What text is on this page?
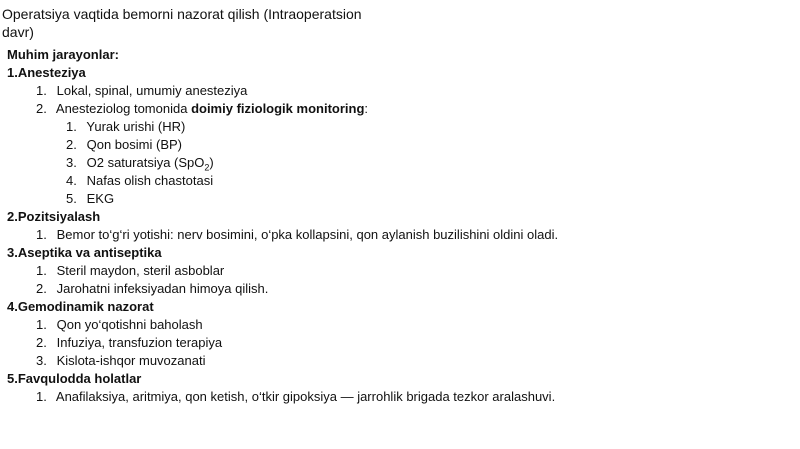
Operatsiya vaqtida bemorni nazorat qilish (Intraoperatsion davr)
Muhim jarayonlar:
1.Anesteziya
1. Lokal, spinal, umumiy anesteziya
2. Anesteziolog tomonida doimiy fiziologik monitoring:
1. Yurak urishi (HR)
2. Qon bosimi (BP)
3. O2 saturatsiya (SpO$_2$)
4. Nafas olish chastotasi
5. EKG
2.Pozitsiyalash
1. Bemor to‘g‘ri yotishi: nerv bosimini, o‘pka kollapsini, qon aylanish buzilishini oldini oladi.
3.Aseptika va antiseptika
1. Steril maydon, steril asboblar
2. Jarohatni infeksiyadan himoya qilish.
4.Gemodinamik nazorat
1. Qon yo‘qotishni baholash
2. Infuziya, transfuzion terapiya
3. Kislota-ishqor muvozanati
5.Favqulodda holatlar
1. Anafilaksiya, aritmiya, qon ketish, o‘tkir gipoksiya — jarrohlik brigada tezkor aralashuvi.
